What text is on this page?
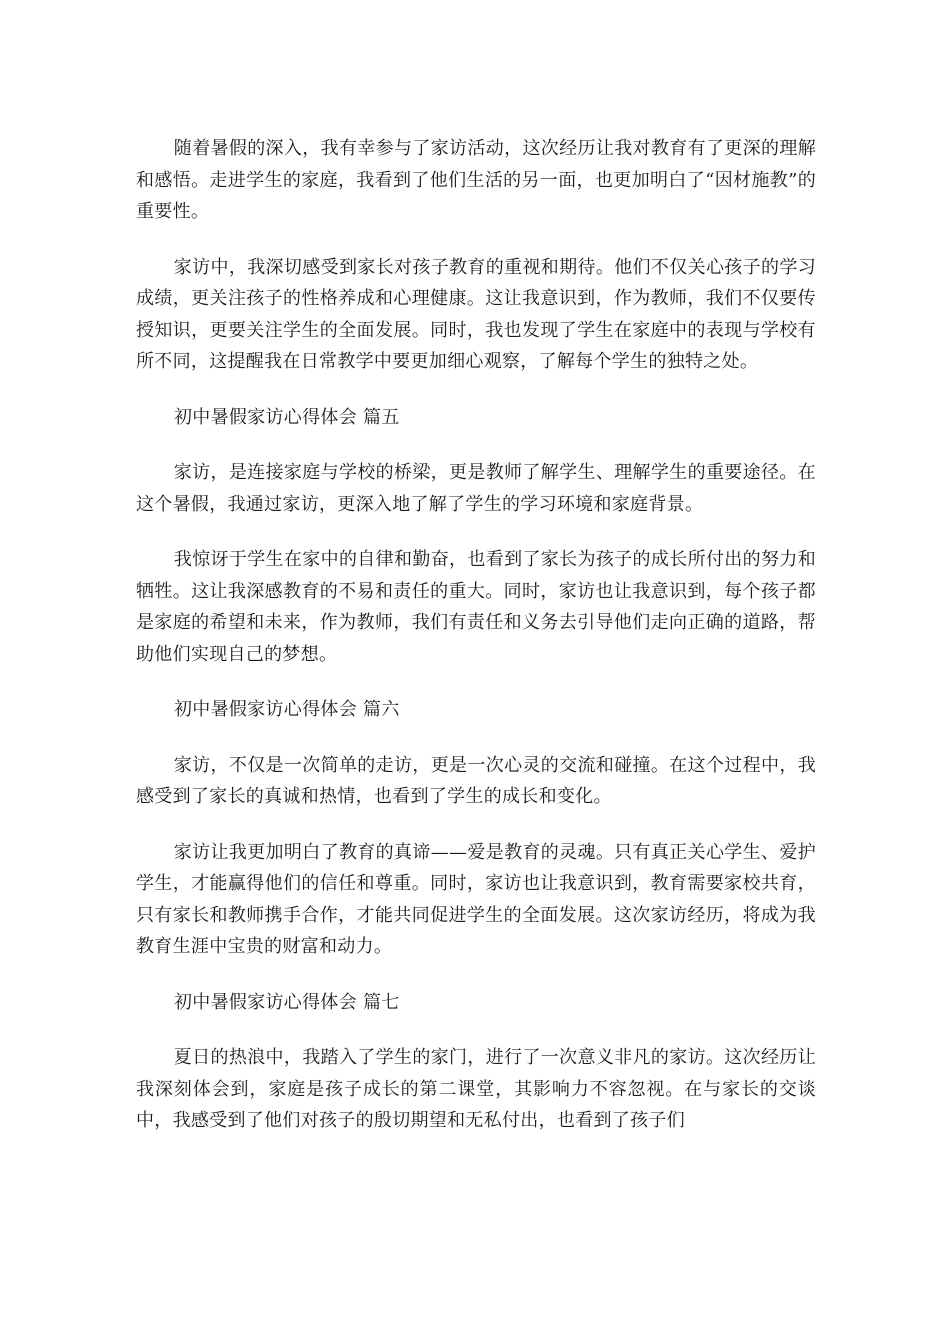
随着暑假的深入，我有幸参与了家访活动，这次经历让我对教育有了更深的理解和感悟。走进学生的家庭，我看到了他们生活的另一面，也更加明白了“因材施教”的重要性。

家访中，我深切感受到家长对孩子教育的重视和期待。他们不仅关心孩子的学习成绩，更关注孩子的性格养成和心理健康。这让我意识到，作为教师，我们不仅要传授知识，更要关注学生的全面发展。同时，我也发现了学生在家庭中的表现与学校有所不同，这提醒我在日常教学中要更加细心观察，了解每个学生的独特之处。

初中暑假家访心得体会 篇五

家访，是连接家庭与学校的桥梁，更是教师了解学生、理解学生的重要途径。在这个暑假，我通过家访，更深入地了解了学生的学习环境和家庭背景。

我惊讶于学生在家中的自律和勤奋，也看到了家长为孩子的成长所付出的努力和牺牲。这让我深感教育的不易和责任的重大。同时，家访也让我意识到，每个孩子都是家庭的希望和未来，作为教师，我们有责任和义务去引导他们走向正确的道路，帮助他们实现自己的梦想。

初中暑假家访心得体会 篇六

家访，不仅是一次简单的走访，更是一次心灵的交流和碰撞。在这个过程中，我感受到了家长的真诚和热情，也看到了学生的成长和变化。

家访让我更加明白了教育的真谛——爱是教育的灵魂。只有真正关心学生、爱护学生，才能赢得他们的信任和尊重。同时，家访也让我意识到，教育需要家校共育，只有家长和教师携手合作，才能共同促进学生的全面发展。这次家访经历，将成为我教育生涯中宝贵的财富和动力。

初中暑假家访心得体会 篇七

夏日的热浪中，我踏入了学生的家门，进行了一次意义非凡的家访。这次经历让我深刻体会到，家庭是孩子成长的第二课堂，其影响力不容忽视。在与家长的交谈中，我感受到了他们对孩子的殷切期望和无私付出，也看到了孩子们
